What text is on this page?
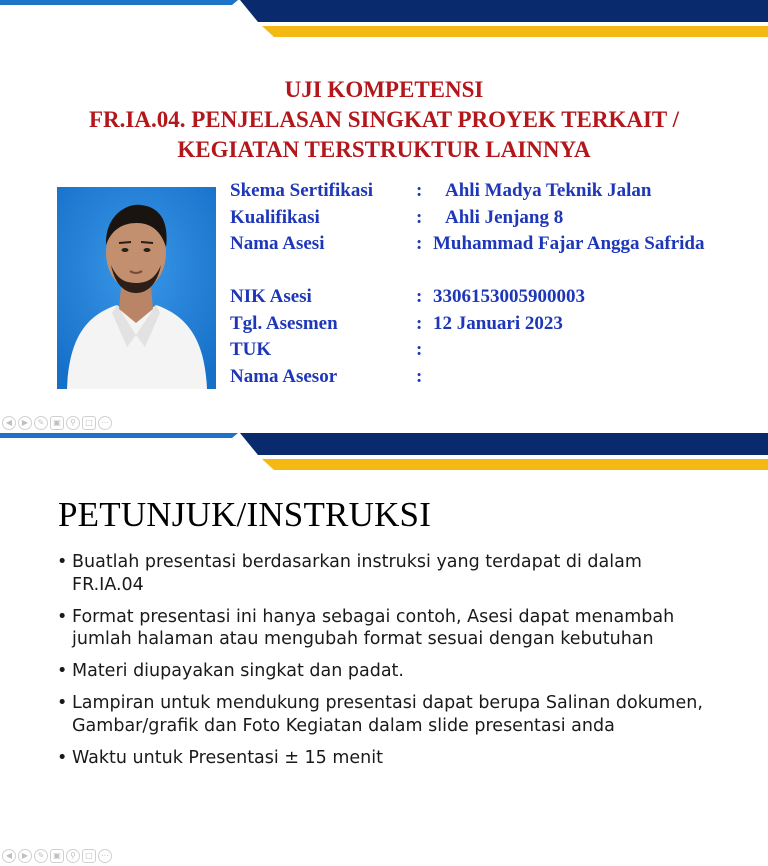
UJI KOMPETENSI
FR.IA.04. PENJELASAN SINGKAT PROYEK TERKAIT /
KEGIATAN TERSTRUKTUR LAINNYA
Skema Sertifikasi : Ahli Madya Teknik Jalan
Kualifikasi	: Ahli Jenjang 8
Nama Asesi	: Muhammad Fajar Angga Safrida
NIK Asesi	: 3306153005900003
Tgl. Asesmen	: 12 Januari 2023
TUK	:
Nama Asesor	:
◀	▶	✎	▣	⚲	□	⋯
PETUNJUK/INSTRUKSI
• Buatlah presentasi berdasarkan instruksi yang terdapat di dalam FR.IA.04
• Format presentasi ini hanya sebagai contoh, Asesi dapat menambah jumlah halaman atau mengubah format sesuai dengan kebutuhan
• Materi diupayakan singkat dan padat.
• Lampiran untuk mendukung presentasi dapat berupa Salinan dokumen, Gambar/grafik dan Foto Kegiatan dalam slide presentasi anda
• Waktu untuk Presentasi ± 15 menit
◀	▶	✎	▣	⚲	□	⋯
